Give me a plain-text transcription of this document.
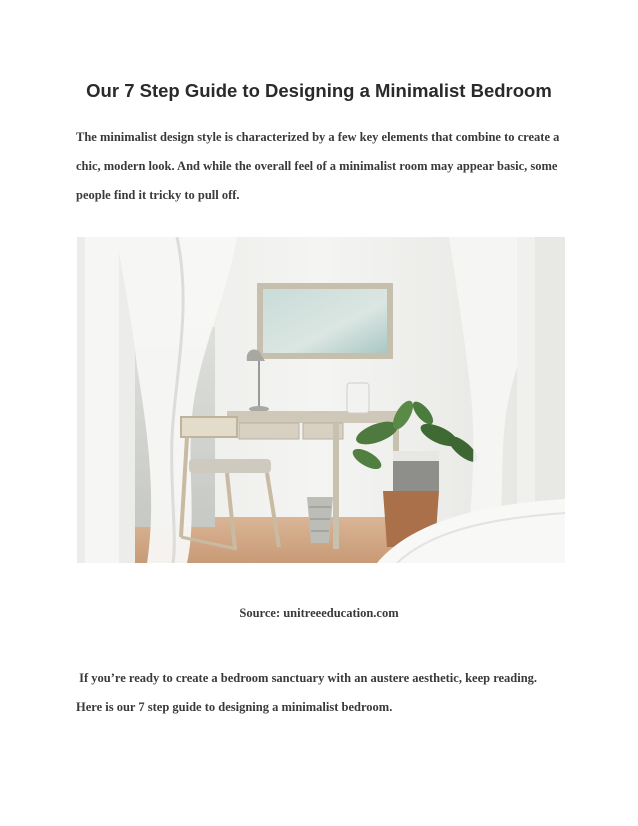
Our 7 Step Guide to Designing a Minimalist Bedroom
The minimalist design style is characterized by a few key elements that combine to create a
chic, modern look. And while the overall feel of a minimalist room may appear basic, some
people find it tricky to pull off.

Source: unitreeeducation.com

If you’re ready to create a bedroom sanctuary with an austere aesthetic, keep reading.
Here is our 7 step guide to designing a minimalist bedroom.
